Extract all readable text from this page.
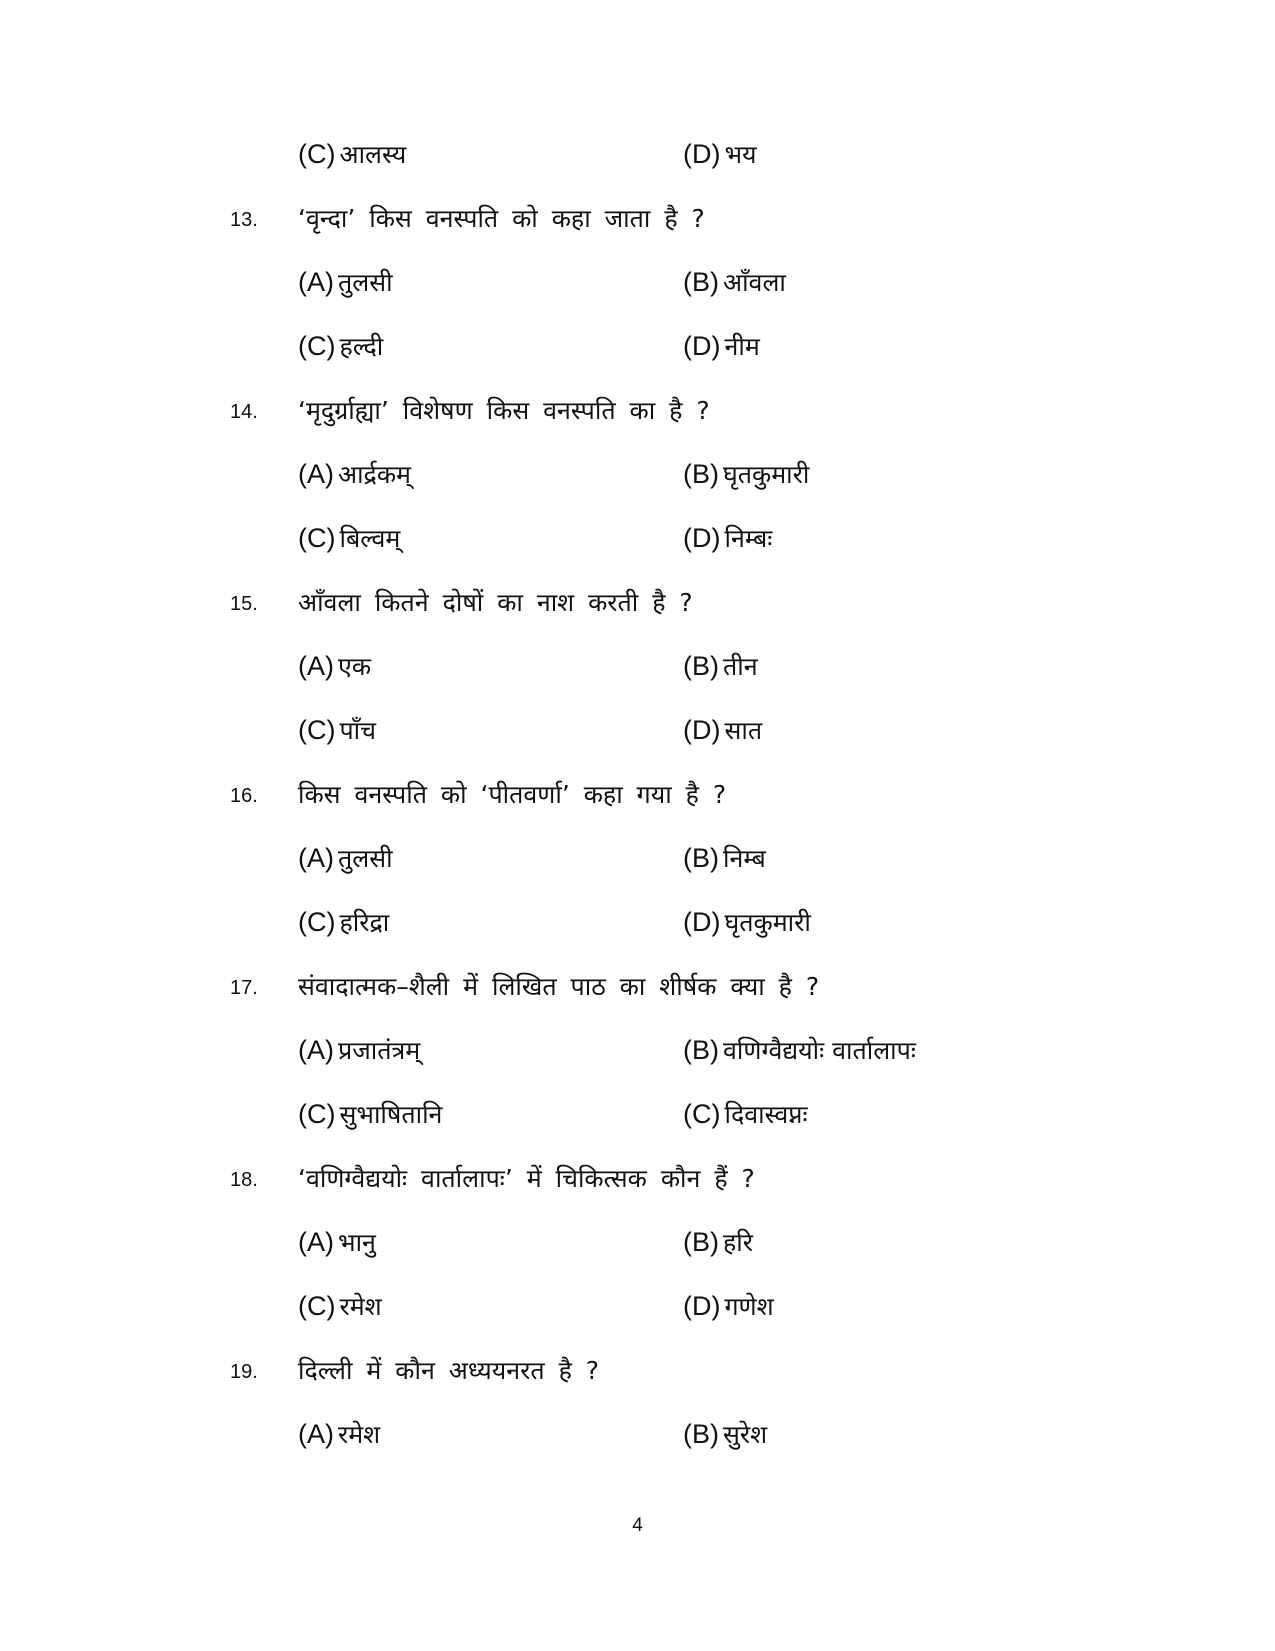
(C) आलस्य	(D) भय
13. ‘वृन्दा’ किस वनस्पति को कहा जाता है ?
(A) तुलसी	(B) आँवला
(C) हल्दी	(D) नीम
14. ‘मृदुर्ग्राह्या’ विशेषण किस वनस्पति का है ?
(A) आर्द्रकम्	(B) घृतकुमारी
(C) बिल्वम्	(D) निम्बः
15. आँवला कितने दोषों का नाश करती है ?
(A) एक	(B) तीन
(C) पाँच	(D) सात
16. किस वनस्पति को ‘पीतवर्णा’ कहा गया है ?
(A) तुलसी	(B) निम्ब
(C) हरिद्रा	(D) घृतकुमारी
17. संवादात्मक–शैली में लिखित पाठ का शीर्षक क्या है ?
(A) प्रजातंत्रम्	(B) वणिग्वैद्ययोः वार्तालापः
(C) सुभाषितानि	(C) दिवास्वप्नः
18. ‘वणिग्वैद्ययोः वार्तालापः’ में चिकित्सक कौन हैं ?
(A) भानु	(B) हरि
(C) रमेश	(D) गणेश
19. दिल्ली में कौन अध्ययनरत है ?
(A) रमेश	(B) सुरेश
4
